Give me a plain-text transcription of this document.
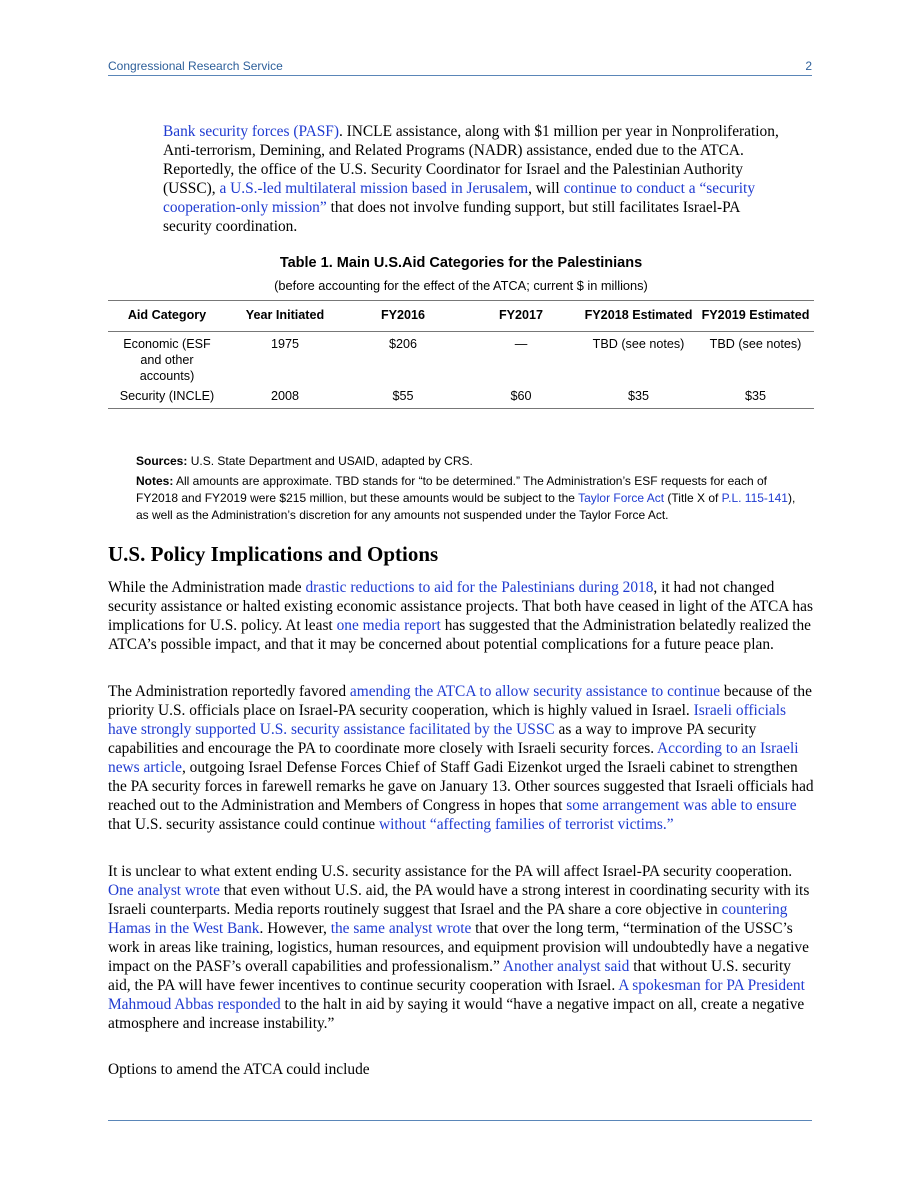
Congressional Research Service	2

Bank security forces (PASF). INCLE assistance, along with $1 million per year in Nonproliferation, Anti-terrorism, Demining, and Related Programs (NADR) assistance, ended due to the ATCA. Reportedly, the office of the U.S. Security Coordinator for Israel and the Palestinian Authority (USSC), a U.S.-led multilateral mission based in Jerusalem, will continue to conduct a “security cooperation-only mission” that does not involve funding support, but still facilitates Israel-PA security coordination.

Table 1. Main U.S.Aid Categories for the Palestinians
(before accounting for the effect of the ATCA; current $ in millions)
Aid Category	Year Initiated	FY2016	FY2017	FY2018 Estimated	FY2019 Estimated
Economic (ESF and other accounts)	1975	$206	—	TBD (see notes)	TBD (see notes)
Security (INCLE)	2008	$55	$60	$35	$35

Sources: U.S. State Department and USAID, adapted by CRS.

Notes: All amounts are approximate. TBD stands for “to be determined.” The Administration’s ESF requests for each of FY2018 and FY2019 were $215 million, but these amounts would be subject to the Taylor Force Act (Title X of P.L. 115-141), as well as the Administration’s discretion for any amounts not suspended under the Taylor Force Act.

U.S. Policy Implications and Options

While the Administration made drastic reductions to aid for the Palestinians during 2018, it had not changed security assistance or halted existing economic assistance projects. That both have ceased in light of the ATCA has implications for U.S. policy. At least one media report has suggested that the Administration belatedly realized the ATCA’s possible impact, and that it may be concerned about potential complications for a future peace plan.

The Administration reportedly favored amending the ATCA to allow security assistance to continue because of the priority U.S. officials place on Israel-PA security cooperation, which is highly valued in Israel. Israeli officials have strongly supported U.S. security assistance facilitated by the USSC as a way to improve PA security capabilities and encourage the PA to coordinate more closely with Israeli security forces. According to an Israeli news article, outgoing Israel Defense Forces Chief of Staff Gadi Eizenkot urged the Israeli cabinet to strengthen the PA security forces in farewell remarks he gave on January 13. Other sources suggested that Israeli officials had reached out to the Administration and Members of Congress in hopes that some arrangement was able to ensure that U.S. security assistance could continue without “affecting families of terrorist victims.”

It is unclear to what extent ending U.S. security assistance for the PA will affect Israel-PA security cooperation. One analyst wrote that even without U.S. aid, the PA would have a strong interest in coordinating security with its Israeli counterparts. Media reports routinely suggest that Israel and the PA share a core objective in countering Hamas in the West Bank. However, the same analyst wrote that over the long term, “termination of the USSC’s work in areas like training, logistics, human resources, and equipment provision will undoubtedly have a negative impact on the PASF’s overall capabilities and professionalism.” Another analyst said that without U.S. security aid, the PA will have fewer incentives to continue security cooperation with Israel. A spokesman for PA President Mahmoud Abbas responded to the halt in aid by saying it would “have a negative impact on all, create a negative atmosphere and increase instability.”

Options to amend the ATCA could include
